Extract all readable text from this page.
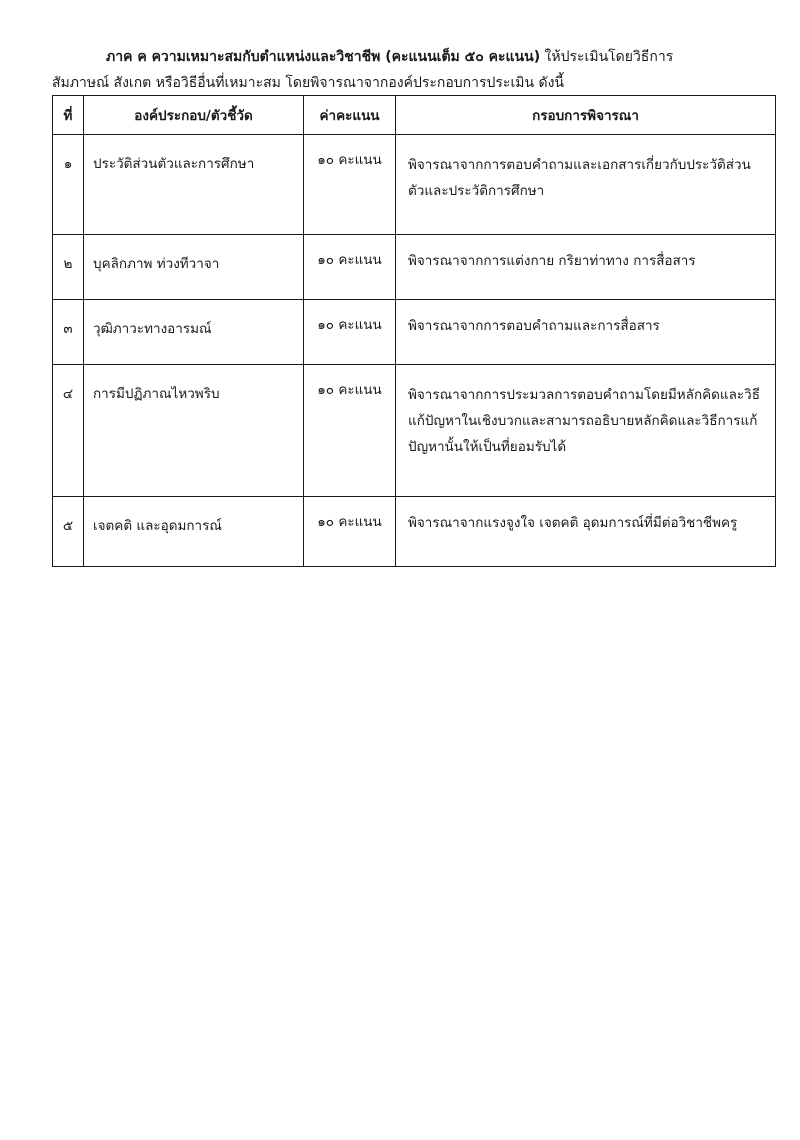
ภาค ค ความเหมาะสมกับตำแหน่งและวิชาชีพ (คะแนนเต็ม ๕๐ คะแนน) ให้ประเมินโดยวิธีการ
สัมภาษณ์ สังเกต หรือวิธีอื่นที่เหมาะสม โดยพิจารณาจากองค์ประกอบการประเมิน ดังนี้
ที่	องค์ประกอบ/ตัวชี้วัด	ค่าคะแนน	กรอบการพิจารณา
๑	ประวัติส่วนตัวและการศึกษา	๑๐ คะแนน	พิจารณาจากการตอบคำถามและเอกสารเกี่ยวกับประวัติส่วนตัวและประวัติการศึกษา
๒	บุคลิกภาพ ท่วงทีวาจา	๑๐ คะแนน	พิจารณาจากการแต่งกาย กริยาท่าทาง การสื่อสาร
๓	วุฒิภาวะทางอารมณ์	๑๐ คะแนน	พิจารณาจากการตอบคำถามและการสื่อสาร
๔	การมีปฏิภาณไหวพริบ	๑๐ คะแนน	พิจารณาจากการประมวลการตอบคำถามโดยมีหลักคิดและวิธีแก้ปัญหาในเชิงบวกและสามารถอธิบายหลักคิดและวิธีการแก้ปัญหานั้นให้เป็นที่ยอมรับได้
๕	เจตคติ และอุดมการณ์	๑๐ คะแนน	พิจารณาจากแรงจูงใจ เจตคติ อุดมการณ์ที่มีต่อวิชาชีพครู
